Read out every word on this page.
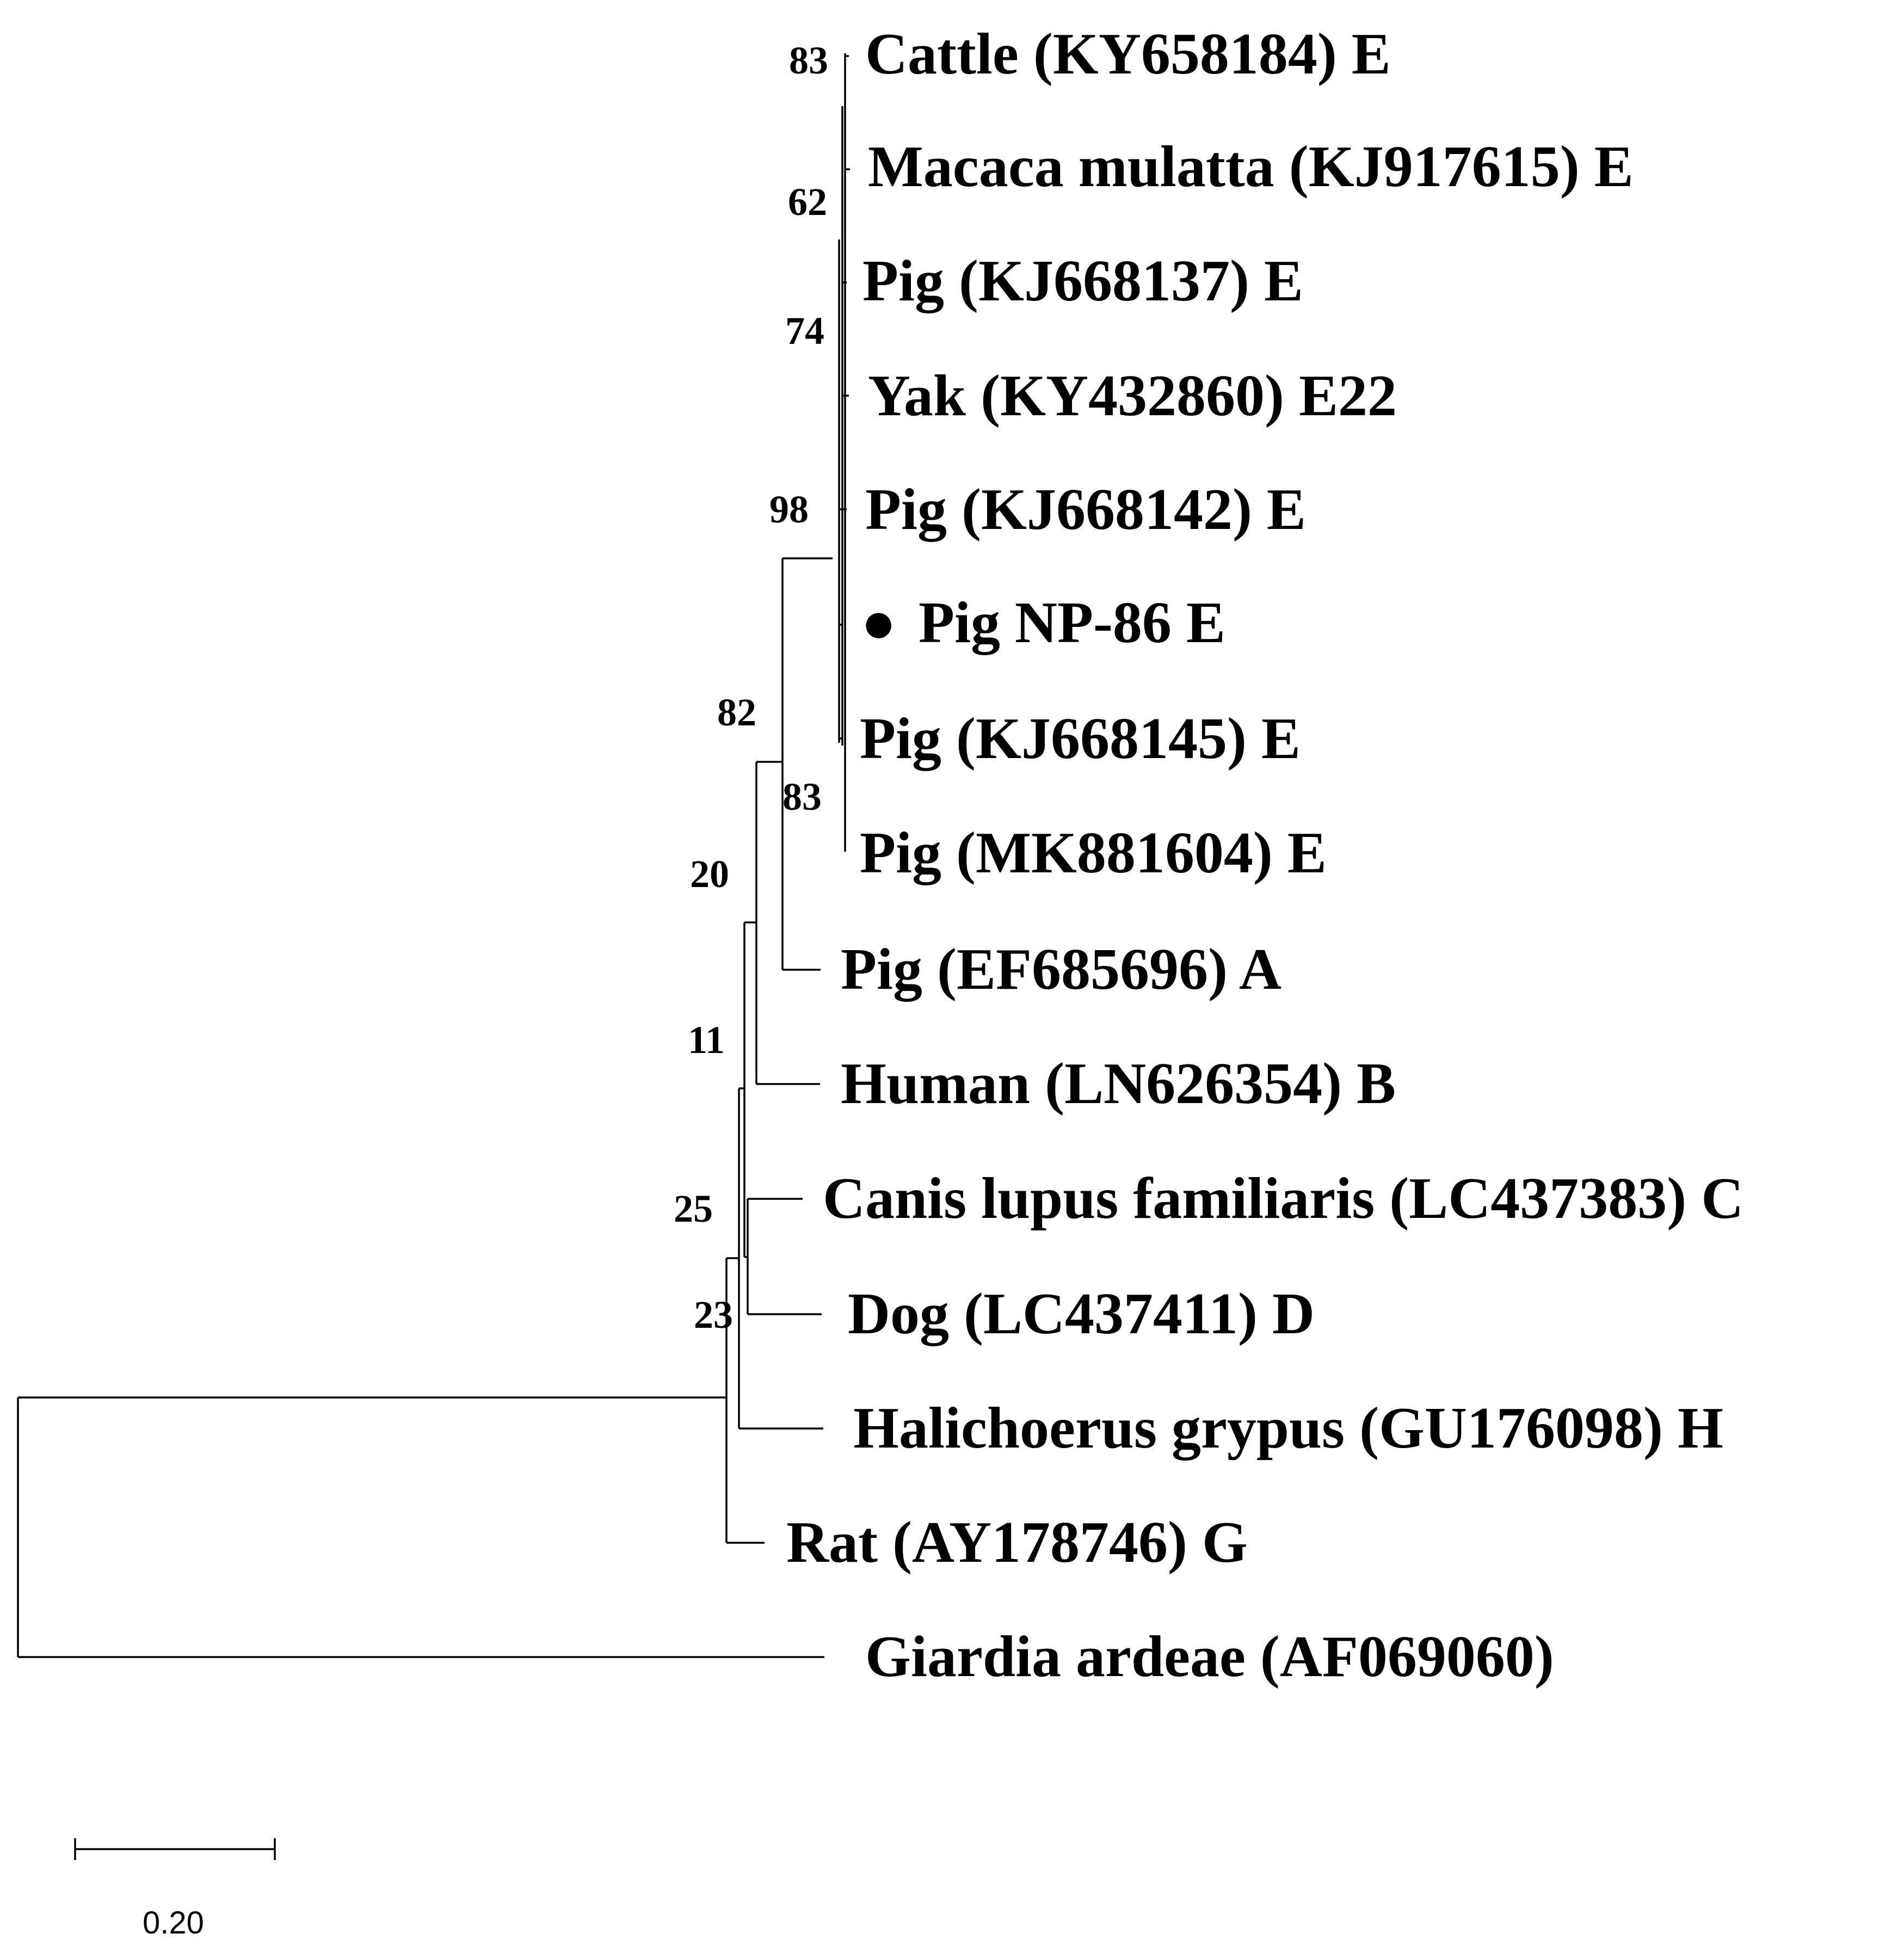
Cattle (KY658184) E
Macaca mulatta (KJ917615) E
Pig (KJ668137) E
Yak (KY432860) E22
Pig (KJ668142) E
● Pig NP-86 E
Pig (KJ668145) E
Pig (MK881604) E
Pig (EF685696) A
Human (LN626354) B
Canis lupus familiaris (LC437383) C
Dog (LC437411) D
Halichoerus grypus (GU176098) H
Rat (AY178746) G
Giardia ardeae (AF069060)
83
62
74
98
82
83
20
11
25
23
0.20
